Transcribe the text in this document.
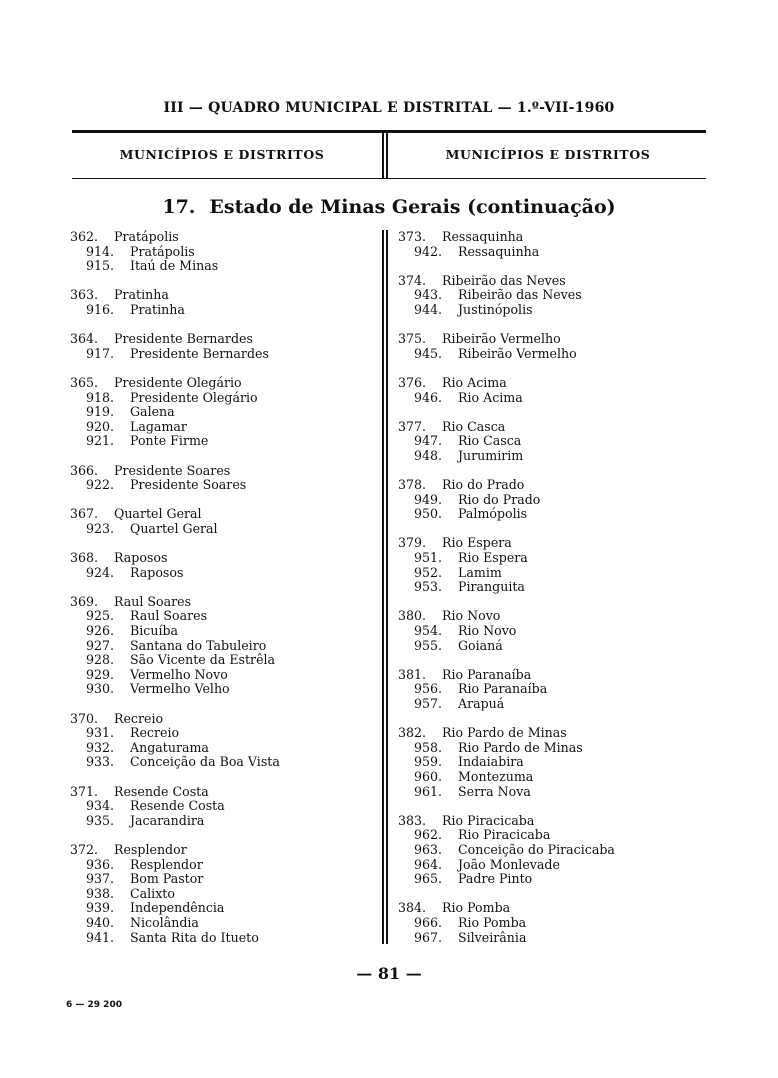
III — QUADRO MUNICIPAL E DISTRITAL — 1.º-VII-1960
MUNICÍPIOS E DISTRITOS	MUNICÍPIOS E DISTRITOS
17. Estado de Minas Gerais (continuação)
362.	Pratápolis
914.	Pratápolis
915.	Itaú de Minas
363.	Pratinha
916.	Pratinha
364.	Presidente Bernardes
917.	Presidente Bernardes
365.	Presidente Olegário
918.	Presidente Olegário
919.	Galena
920.	Lagamar
921.	Ponte Firme
366.	Presidente Soares
922.	Presidente Soares
367.	Quartel Geral
923.	Quartel Geral
368.	Raposos
924.	Raposos
369.	Raul Soares
925.	Raul Soares
926.	Bicuíba
927.	Santana do Tabuleiro
928.	São Vicente da Estrêla
929.	Vermelho Novo
930.	Vermelho Velho
370.	Recreio
931.	Recreio
932.	Angaturama
933.	Conceição da Boa Vista
371.	Resende Costa
934.	Resende Costa
935.	Jacarandira
372.	Resplendor
936.	Resplendor
937.	Bom Pastor
938.	Calixto
939.	Independência
940.	Nicolândia
941.	Santa Rita do Itueto
373.	Ressaquinha
942.	Ressaquinha
374.	Ribeirão das Neves
943.	Ribeirão das Neves
944.	Justinópolis
375.	Ribeirão Vermelho
945.	Ribeirão Vermelho
376.	Rio Acima
946.	Rio Acima
377.	Rio Casca
947.	Rio Casca
948.	Jurumirim
378.	Rio do Prado
949.	Rio do Prado
950.	Palmópolis
379.	Rio Espera
951.	Rio Espera
952.	Lamim
953.	Piranguita
380.	Rio Novo
954.	Rio Novo
955.	Goianá
381.	Rio Paranaíba
956.	Rio Paranaíba
957.	Arapuá
382.	Rio Pardo de Minas
958.	Rio Pardo de Minas
959.	Indaiabira
960.	Montezuma
961.	Serra Nova
383.	Rio Piracicaba
962.	Rio Piracicaba
963.	Conceição do Piracicaba
964.	João Monlevade
965.	Padre Pinto
384.	Rio Pomba
966.	Rio Pomba
967.	Silveirânia
— 81 —
6 — 29 200
